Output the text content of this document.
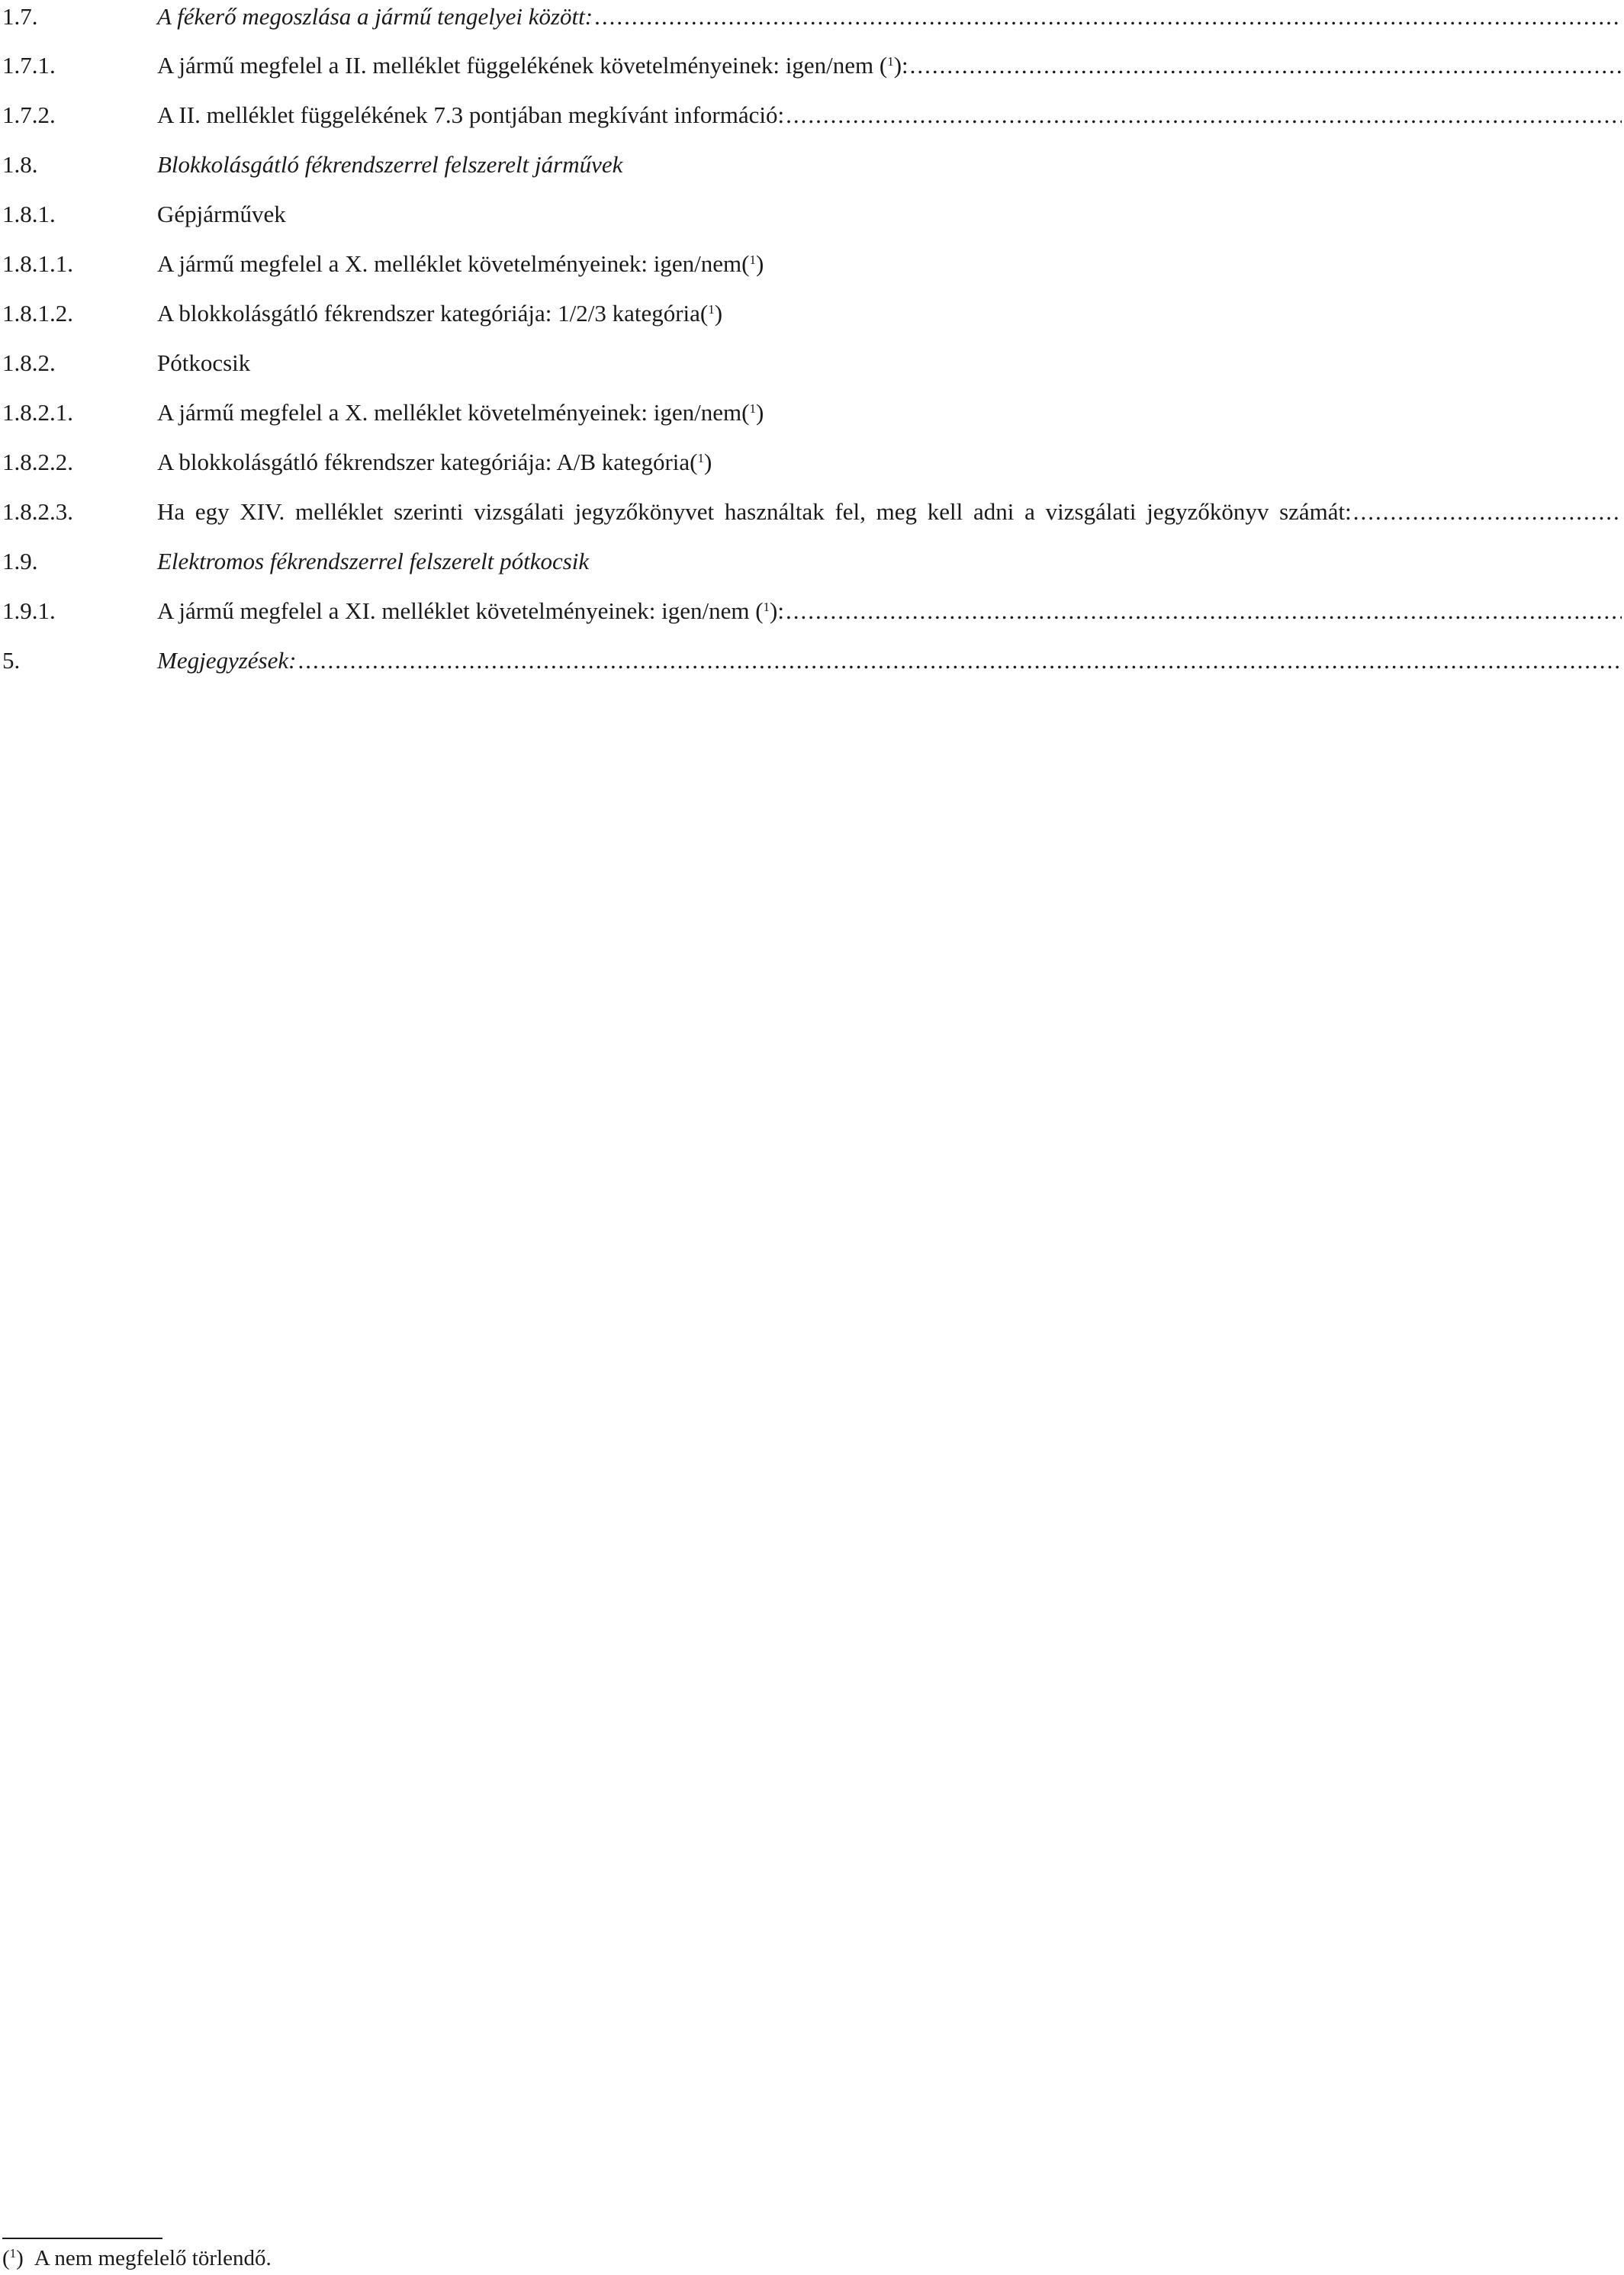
1.7.	A fékerő megoszlása a jármű tengelyei között:
.....
1.7.1.	A jármű megfelel a II. melléklet függelékének követelményeinek: igen/nem ($^1$):
.....
1.7.2.	A II. melléklet függelékének 7.3 pontjában megkívánt információ:
.....
1.8.	Blokkolásgátló fékrendszerrel felszerelt járművek
1.8.1.	Gépjárművek
1.8.1.1.	A jármű megfelel a X. melléklet követelményeinek: igen/nem($^1$)
1.8.1.2.	A blokkolásgátló fékrendszer kategóriája: 1/2/3 kategória($^1$)
1.8.2.	Pótkocsik
1.8.2.1.	A jármű megfelel a X. melléklet követelményeinek: igen/nem($^1$)
1.8.2.2.	A blokkolásgátló fékrendszer kategóriája: A/B kategória($^1$)
1.8.2.3.	Ha egy XIV. melléklet szerinti vizsgálati jegyzőkönyvet használtak fel, meg kell adni a vizsgálati jegyzőkönyv számát:
.....
1.9.	Elektromos fékrendszerrel felszerelt pótkocsik
1.9.1.	A jármű megfelel a XI. melléklet követelményeinek: igen/nem ($^1$):
.....
5.	Megjegyzések:
.....
($^1$) A nem megfelelő törlendő.
